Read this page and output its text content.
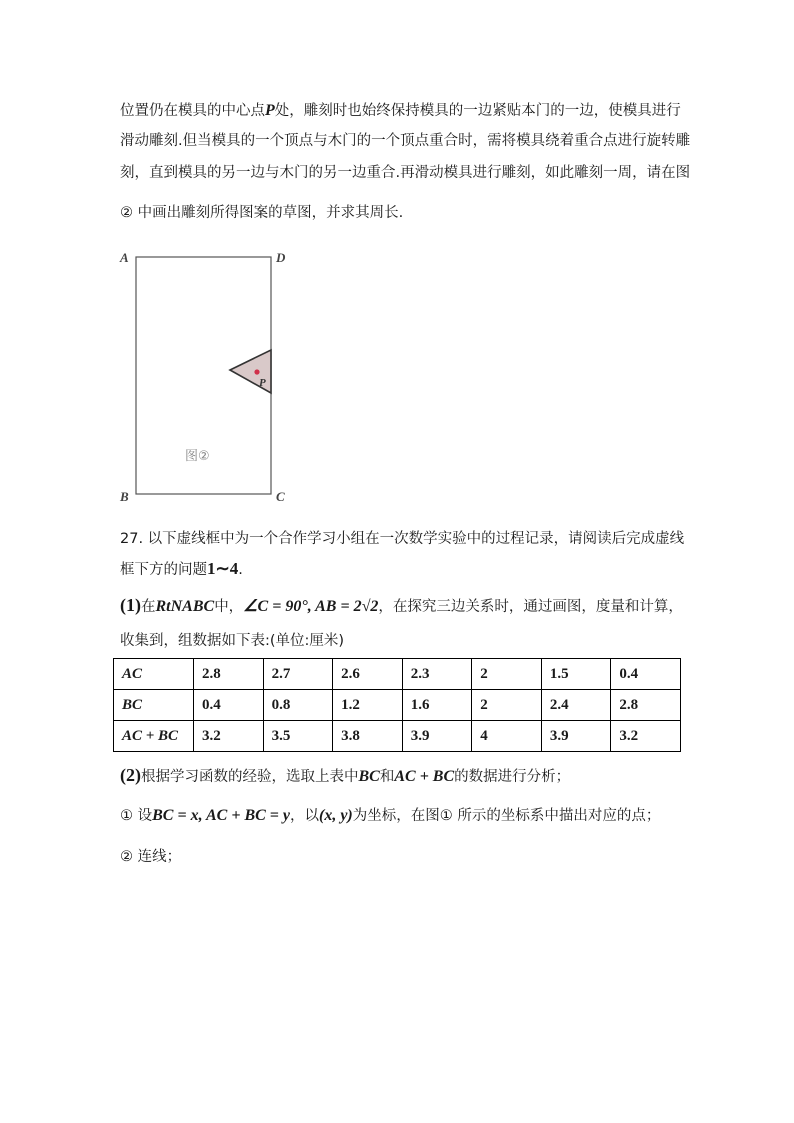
位置仍在模具的中心点P处，雕刻时也始终保持模具的一边紧贴本门的一边，使模具进行
滑动雕刻.但当模具的一个顶点与木门的一个顶点重合时，需将模具绕着重合点进行旋转雕
刻，直到模具的另一边与木门的另一边重合.再滑动模具进行雕刻，如此雕刻一周，请在图
② 中画出雕刻所得图案的草图，并求其周长.
A	D
B	C
P
图②
27. 以下虚线框中为一个合作学习小组在一次数学实验中的过程记录，请阅读后完成虚线
框下方的问题1∼4.
(1)在RtNABC中，∠C = 90°, AB = 2√2，在探究三边关系时，通过画图，度量和计算，
收集到，组数据如下表:(单位:厘米)
AC	2.8	2.7	2.6	2.3	2	1.5	0.4
BC	0.4	0.8	1.2	1.6	2	2.4	2.8
AC + BC	3.2	3.5	3.8	3.9	4	3.9	3.2
(2)根据学习函数的经验，选取上表中BC和AC + BC的数据进行分析；
① 设BC = x, AC + BC = y，以(x, y)为坐标，在图① 所示的坐标系中描出对应的点；
② 连线；
